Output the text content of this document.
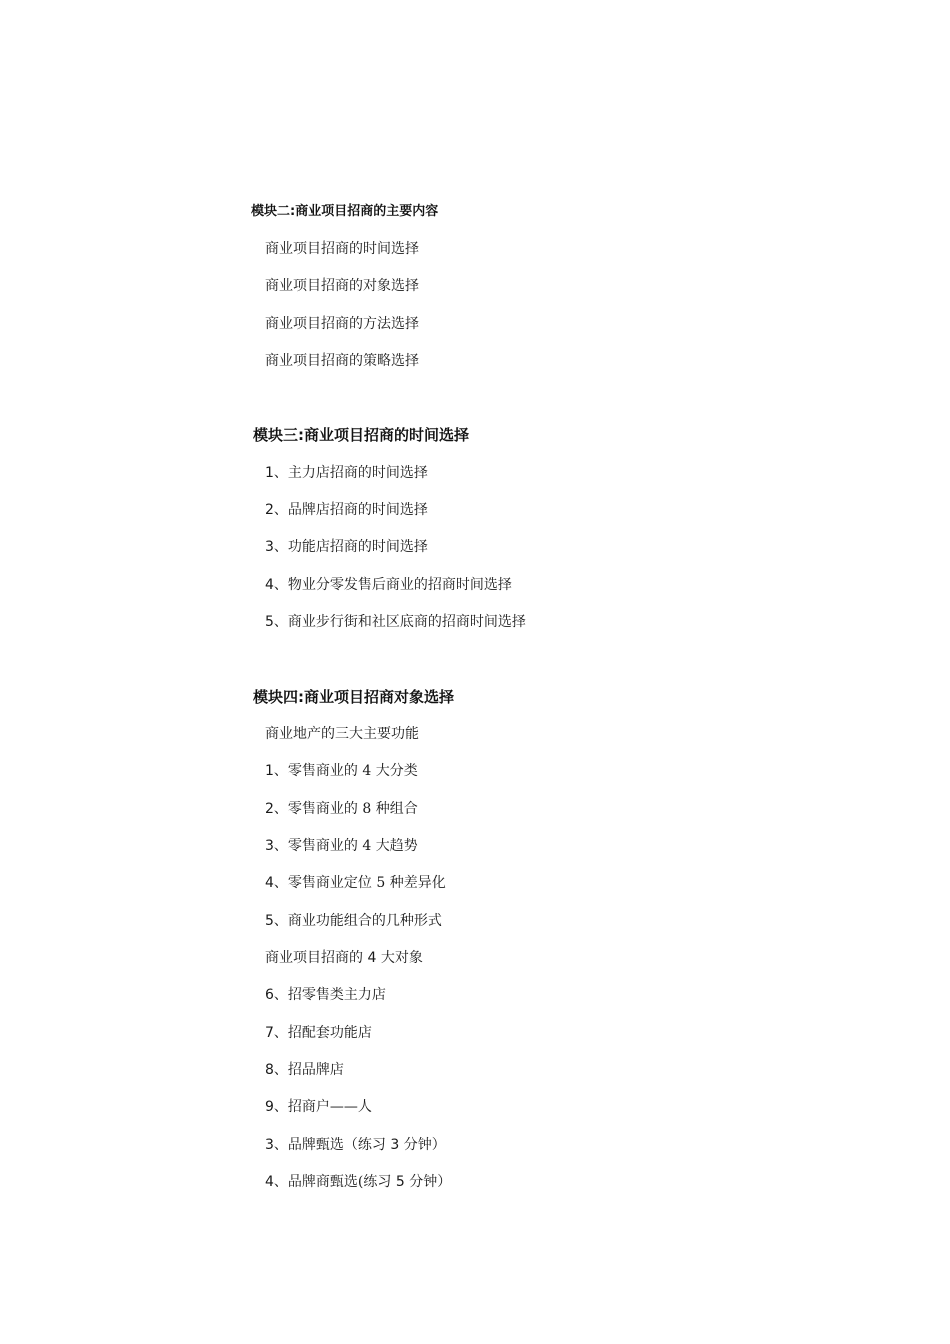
模块二:商业项目招商的主要内容
商业项目招商的时间选择
商业项目招商的对象选择
商业项目招商的方法选择
商业项目招商的策略选择
模块三:商业项目招商的时间选择
1、主力店招商的时间选择
2、品牌店招商的时间选择
3、功能店招商的时间选择
4、物业分零发售后商业的招商时间选择
5、商业步行街和社区底商的招商时间选择
模块四:商业项目招商对象选择
商业地产的三大主要功能
1、零售商业的 4 大分类
2、零售商业的 8 种组合
3、零售商业的 4 大趋势
4、零售商业定位 5 种差异化
5、商业功能组合的几种形式
商业项目招商的 4 大对象
6、招零售类主力店
7、招配套功能店
8、招品牌店
9、招商户——人
3、品牌甄选（练习 3 分钟）
4、品牌商甄选(练习 5 分钟）
